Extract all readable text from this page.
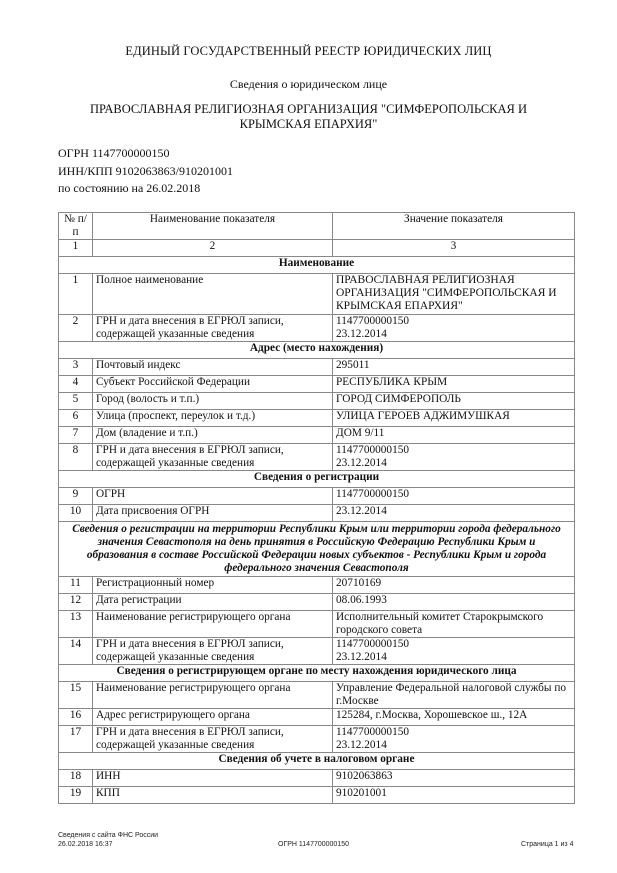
ЕДИНЫЙ ГОСУДАРСТВЕННЫЙ РЕЕСТР ЮРИДИЧЕСКИХ ЛИЦ
Сведения о юридическом лице
ПРАВОСЛАВНАЯ РЕЛИГИОЗНАЯ ОРГАНИЗАЦИЯ "СИМФЕРОПОЛЬСКАЯ И КРЫМСКАЯ ЕПАРХИЯ"
ОГРН 1147700000150
ИНН/КПП 9102063863/910201001
по состоянию на 26.02.2018
№ п/п	Наименование показателя	Значение показателя
1	2	3
Наименование		
1	Полное наименование	ПРАВОСЛАВНАЯ РЕЛИГИОЗНАЯ ОРГАНИЗАЦИЯ "СИМФЕРОПОЛЬСКАЯ И КРЫМСКАЯ ЕПАРХИЯ"
2	ГРН и дата внесения в ЕГРЮЛ записи, содержащей указанные сведения	1147700000150
23.12.2014

Адрес (место нахождения)		
3	Почтовый индекс	295011
4	Субъект Российской Федерации	РЕСПУБЛИКА КРЫМ
5	Город (волость и т.п.)	ГОРОД СИМФЕРОПОЛЬ
6	Улица (проспект, переулок и т.д.)	УЛИЦА ГЕРОЕВ АДЖИМУШКАЯ
7	Дом (владение и т.п.)	ДОМ 9/11
8	ГРН и дата внесения в ЕГРЮЛ записи, содержащей указанные сведения	1147700000150
23.12.2014

Сведения о регистрации		
9	ОГРН	1147700000150
10	Дата присвоения ОГРН	23.12.2014
Сведения о регистрации на территории Республики Крым или территории города федерального значения Севастополя на день принятия в Российскую Федерацию Республики Крым и образования в составе Российской Федерации новых субъектов - Республики Крым и города федерального значения Севастополя		
11	Регистрационный номер	20710169
12	Дата регистрации	08.06.1993
13	Наименование регистрирующего органа	Исполнительный комитет Старокрымского городского совета
14	ГРН и дата внесения в ЕГРЮЛ записи, содержащей указанные сведения	1147700000150
23.12.2014

Сведения о регистрирующем органе по месту нахождения юридического лица		
15	Наименование регистрирующего органа	Управление Федеральной налоговой службы по г.Москве
16	Адрес регистрирующего органа	125284, г.Москва, Хорошевское ш., 12А
17	ГРН и дата внесения в ЕГРЮЛ записи, содержащей указанные сведения	1147700000150
23.12.2014

Сведения об учете в налоговом органе		
18	ИНН	9102063863
19	КПП	910201001
Сведения с сайта ФНС России
26.02.2018 16:37	ОГРН 1147700000150	Страница 1 из 4
